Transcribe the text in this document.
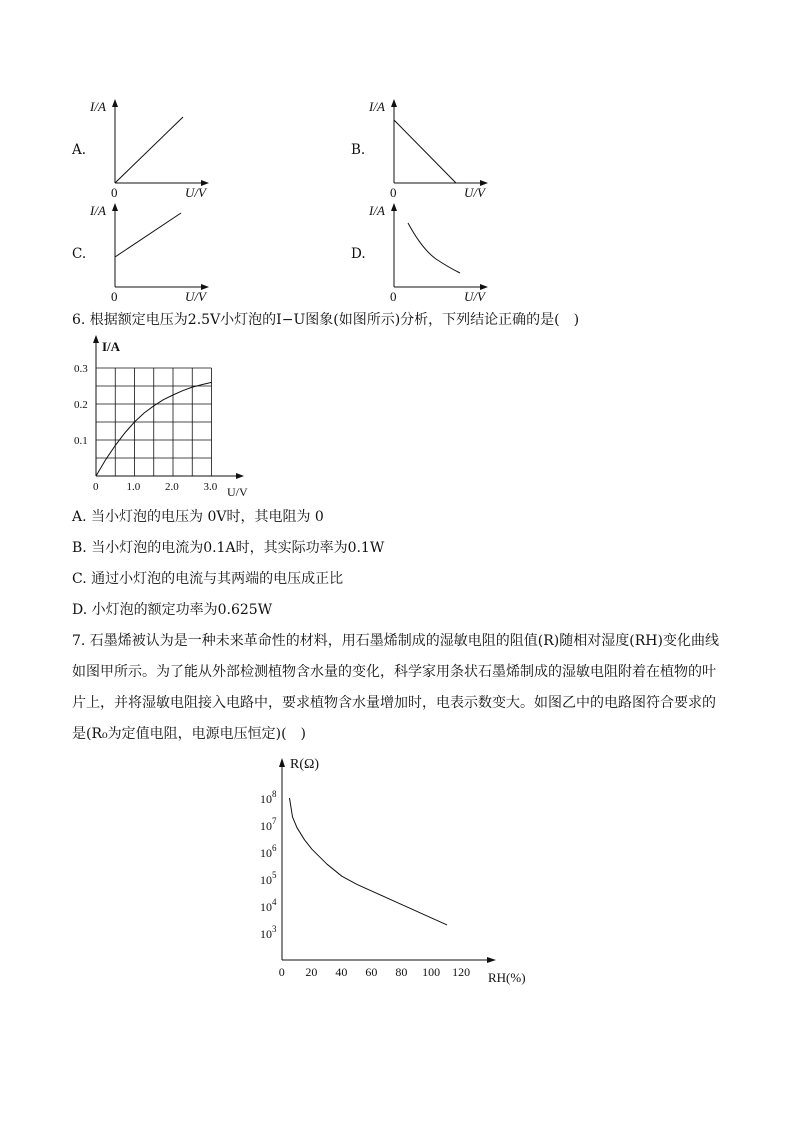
A.
I/A
0	U/V
B.
I/A
0	U/V
C.
I/A
0	U/V
D.
I/A
0	U/V
6. 根据额定电压为2.5V小灯泡的I−U图象(如图所示)分析，下列结论正确的是(　)
I/A
U/V
0.1
0.2
0.3
0	1.0 2.0 3.0
A. 当小灯泡的电压为 0V时，其电阻为 0
B. 当小灯泡的电流为0.1A时，其实际功率为0.1W
C. 通过小灯泡的电流与其两端的电压成正比
D. 小灯泡的额定功率为0.625W
7. 石墨烯被认为是一种未来革命性的材料，用石墨烯制成的湿敏电阻的阻值(R)随相对湿度(RH)变化曲线如图甲所示。为了能从外部检测植物含水量的变化，科学家用条状石墨烯制成的湿敏电阻附着在植物的叶片上，并将湿敏电阻接入电路中，要求植物含水量增加时，电表示数变大。如图乙中的电路图符合要求的是(R₀为定值电阻，电源电压恒定)(　)
R(Ω)
RH(%)
0 20 40 60 80 100 120
$10^3$
$10^4$
$10^5$
$10^6$
$10^7$
$10^8$
